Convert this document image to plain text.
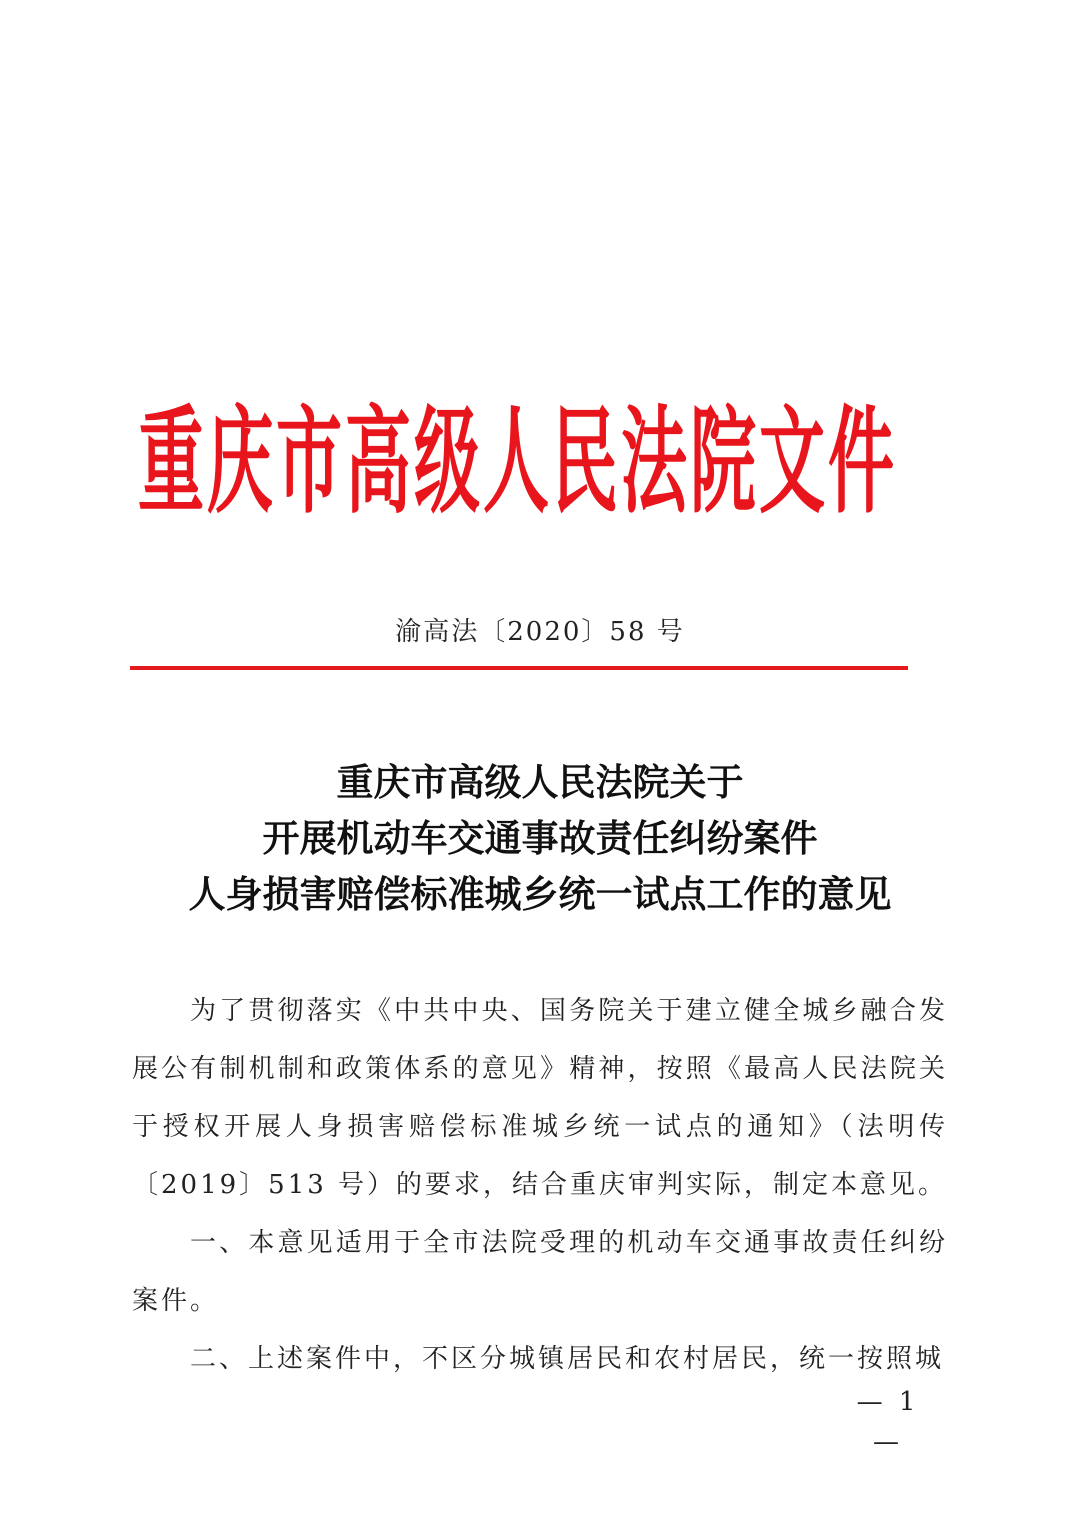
重庆市高级人民法院文件
渝高法〔2020〕58 号
重庆市高级人民法院关于
开展机动车交通事故责任纠纷案件
人身损害赔偿标准城乡统一试点工作的意见

为了贯彻落实《中共中央、国务院关于建立健全城乡融合发展公有制机制和政策体系的意见》精神，按照《最高人民法院关于授权开展人身损害赔偿标准城乡统一试点的通知》（法明传〔2019〕513 号）的要求，结合重庆审判实际，制定本意见。

一、本意见适用于全市法院受理的机动车交通事故责任纠纷案件。

二、上述案件中，不区分城镇居民和农村居民，统一按照城

— 1 —
